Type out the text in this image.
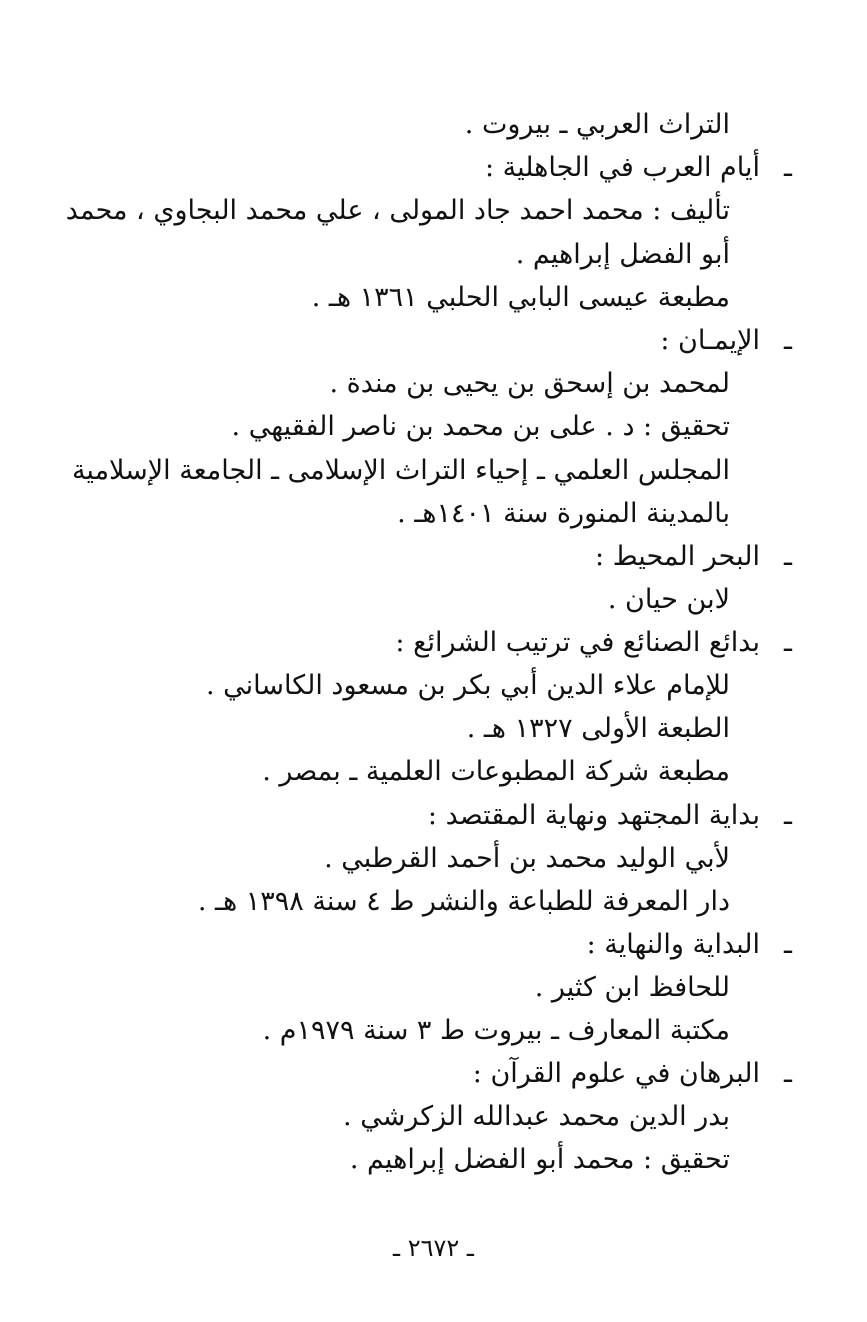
التراث العربي ـ بيروت .
ـ
أيام العرب في الجاهلية :
تأليف : محمد احمد جاد المولى ، علي محمد البجاوي ، محمد
أبو الفضل إبراهيم .
مطبعة عيسى البابي الحلبي ١٣٦١ هـ .
ـ
الإيمـان :
لمحمد بن إسحق بن يحيى بن مندة .
تحقيق : د . على بن محمد بن ناصر الفقيهي .
المجلس العلمي ـ إحياء التراث الإسلامى ـ الجامعة الإسلامية
بالمدينة المنورة سنة ١٤٠١هـ .
ـ
البحر المحيط :
لابن حيان .
ـ
بدائع الصنائع في ترتيب الشرائع :
للإمام علاء الدين أبي بكر بن مسعود الكاساني .
الطبعة الأولى ١٣٢٧ هـ .
مطبعة شركة المطبوعات العلمية ـ بمصر .
ـ
بداية المجتهد ونهاية المقتصد :
لأبي الوليد محمد بن أحمد القرطبي .
دار المعرفة للطباعة والنشر ط ٤ سنة ١٣٩٨ هـ .
ـ
البداية والنهاية :
للحافظ ابن كثير .
مكتبة المعارف ـ بيروت ط ٣ سنة ١٩٧٩م .
ـ
البرهان في علوم القرآن :
بدر الدين محمد عبدالله الزكرشي .
تحقيق : محمد أبو الفضل إبراهيم .
ـ ٢٦٧٢ ـ
